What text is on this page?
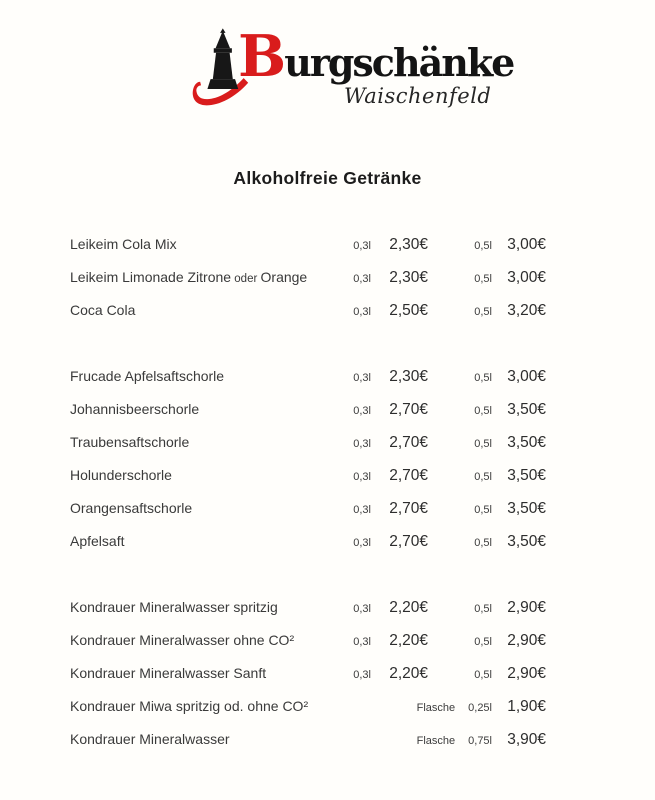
Burgschänke
Waischenfeld
Alkoholfreie Getränke
Leikeim Cola Mix	0,3l	2,30€	0,5l 3,00€
Leikeim Limonade Zitrone oder Orange	0,3l	2,30€	0,5l 3,00€
Coca Cola	0,3l	2,50€	0,5l 3,20€
Frucade Apfelsaftschorle	0,3l	2,30€	0,5l 3,00€
Johannisbeerschorle	0,3l	2,70€	0,5l 3,50€
Traubensaftschorle	0,3l	2,70€	0,5l 3,50€
Holunderschorle	0,3l	2,70€	0,5l 3,50€
Orangensaftschorle	0,3l	2,70€	0,5l 3,50€
Apfelsaft	0,3l	2,70€	0,5l 3,50€
Kondrauer Mineralwasser spritzig	0,3l	2,20€	0,5l 2,90€
Kondrauer Mineralwasser ohne CO²	0,3l	2,20€	0,5l 2,90€
Kondrauer Mineralwasser Sanft	0,3l	2,20€	0,5l 2,90€
Kondrauer Miwa spritzig od. ohne CO²	Flasche 0,25l 1,90€
Kondrauer Mineralwasser	Flasche 0,75l 3,90€
